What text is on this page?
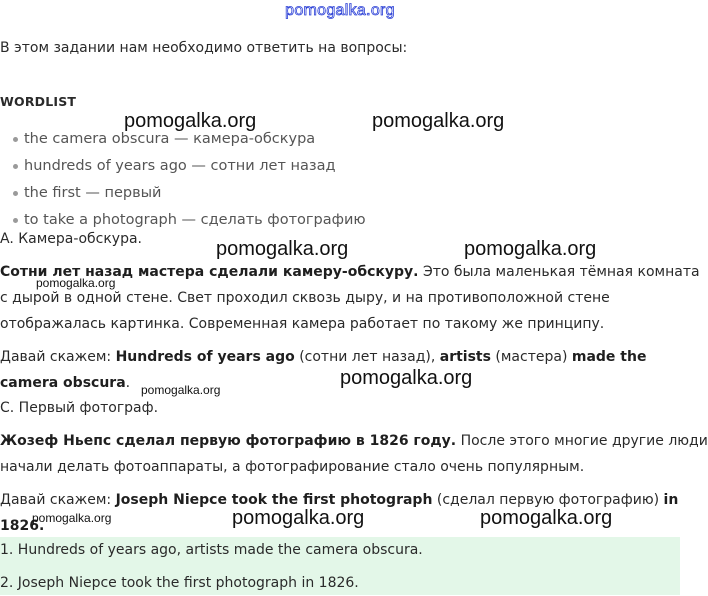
pomogalka.org
В этом задании нам необходимо ответить на вопросы:
WORDLIST
the camera obscura — камера-обскура
hundreds of years ago — сотни лет назад
the first — первый
to take a photograph — сделать фотографию
A. Камера-обскура.
Сотни лет назад мастера сделали камеру-обскуру. Это была маленькая тёмная комната
с дырой в одной стене. Свет проходил сквозь дыру, и на противоположной стене
отображалась картинка. Современная камера работает по такому же принципу.
Давай скажем: Hundreds of years ago (сотни лет назад), artists (мастера) made the
camera obscura.
C. Первый фотограф.
Жозеф Ньепс сделал первую фотографию в 1826 году. После этого многие другие люди
начали делать фотоаппараты, а фотографирование стало очень популярным.
Давай скажем: Joseph Niepce took the first photograph (сделал первую фотографию) in
1826.
1. Hundreds of years ago, artists made the camera obscura.
2. Joseph Niepce took the first photograph in 1826.
pomogalka.org	pomogalka.org
pomogalka.org	pomogalka.org
pomogalka.org
pomogalka.org
pomogalka.org
pomogalka.org	pomogalka.org	pomogalka.org
